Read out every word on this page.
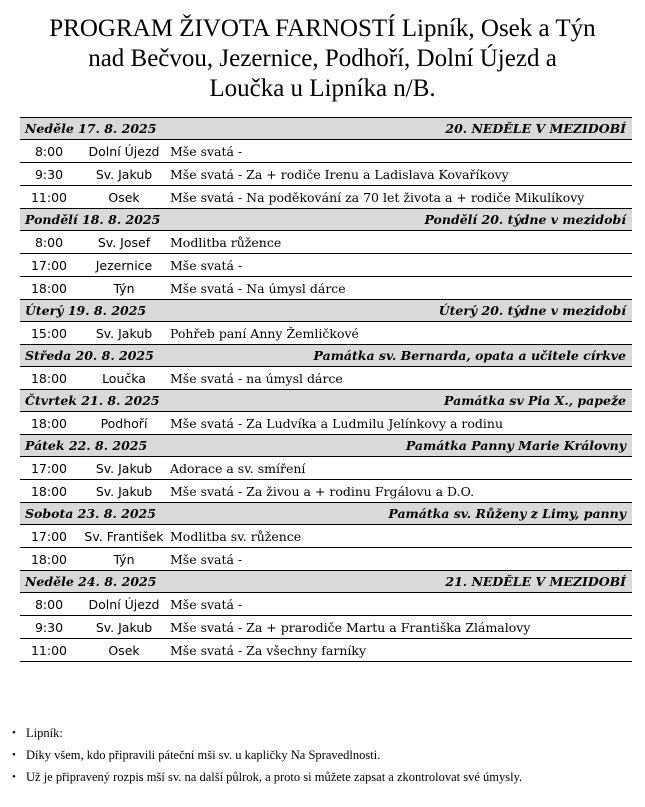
PROGRAM ŽIVOTA FARNOSTÍ Lipník, Osek a Týn
nad Bečvou, Jezernice, Podhoří, Dolní Újezd a
Loučka u Lipníka n/B.
Neděle 17. 8. 2025		20. NEDĚLE V MEZIDOBÍ
8:00	Dolní Újezd	Mše svatá -
9:30	Sv. Jakub	Mše svatá - Za + rodiče Irenu a Ladislava Kovaříkovy
11:00	Osek	Mše svatá - Na poděkování za 70 let života a + rodiče Mikulíkovy
Pondělí 18. 8. 2025		Pondělí 20. týdne v mezidobí
8:00	Sv. Josef	Modlitba růžence
17:00	Jezernice	Mše svatá -
18:00	Týn	Mše svatá - Na úmysl dárce
Úterý 19. 8. 2025		Úterý 20. týdne v mezidobí
15:00	Sv. Jakub	Pohřeb paní Anny Žemličkové
Středa 20. 8. 2025		Památka sv. Bernarda, opata a učitele církve
18:00	Loučka	Mše svatá - na úmysl dárce
Čtvrtek 21. 8. 2025		Památka sv Pia X., papeže
18:00	Podhoří	Mše svatá - Za Ludvíka a Ludmilu Jelínkovy a rodinu
Pátek 22. 8. 2025		Památka Panny Marie Královny
17:00	Sv. Jakub	Adorace a sv. smíření
18:00	Sv. Jakub	Mše svatá - Za živou a + rodinu Frgálovu a D.O.
Sobota 23. 8. 2025		Památka sv. Růženy z Limy, panny
17:00	Sv. František	Modlitba sv. růžence
18:00	Týn	Mše svatá -
Neděle 24. 8. 2025		21. NEDĚLE V MEZIDOBÍ
8:00	Dolní Újezd	Mše svatá -
9:30	Sv. Jakub	Mše svatá - Za + prarodiče Martu a Františka Zlámalovy
11:00	Osek	Mše svatá - Za všechny farníky
• Lipník:
• Díky všem, kdo připravili páteční mši sv. u kapličky Na Spravedlnosti.
• Už je připravený rozpis mší sv. na další půlrok, a proto si můžete zapsat a zkontrolovat své úmysly.
